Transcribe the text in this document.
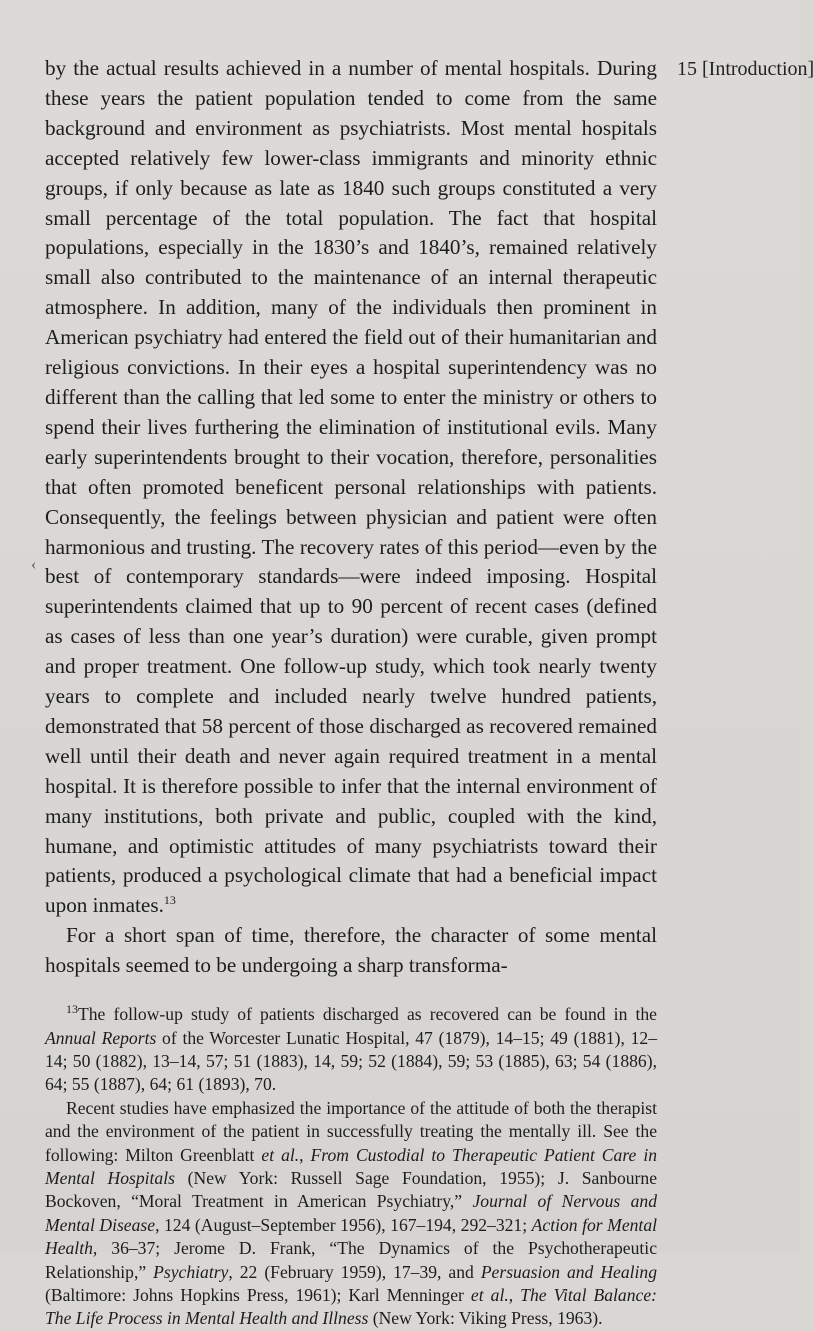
15 [Introduction]
‹

by the actual results achieved in a number of mental hospitals. During these years the patient population tended to come from the same background and environment as psychiatrists. Most mental hospitals accepted relatively few lower-class immigrants and minority ethnic groups, if only because as late as 1840 such groups constituted a very small percentage of the total population. The fact that hospital populations, especially in the 1830’s and 1840’s, remained relatively small also contributed to the maintenance of an internal therapeutic atmosphere. In addition, many of the individuals then prominent in American psychiatry had entered the field out of their humanitarian and religious convictions. In their eyes a hospital superintendency was no different than the calling that led some to enter the ministry or others to spend their lives furthering the elimination of institutional evils. Many early superintendents brought to their vocation, therefore, personalities that often promoted beneficent personal relationships with patients. Consequently, the feelings between physician and patient were often harmonious and trusting. The recovery rates of this period—even by the best of contemporary standards—were indeed imposing. Hospital superintendents claimed that up to 90 percent of recent cases (defined as cases of less than one year’s duration) were curable, given prompt and proper treatment. One follow-up study, which took nearly twenty years to complete and included nearly twelve hundred patients, demonstrated that 58 percent of those discharged as recovered remained well until their death and never again required treatment in a mental hospital. It is therefore possible to infer that the internal environment of many institutions, both private and public, coupled with the kind, humane, and optimistic attitudes of many psychiatrists toward their patients, produced a psychological climate that had a beneficial impact upon inmates.$^{13}$

For a short span of time, therefore, the character of some mental hospitals seemed to be undergoing a sharp transforma-

$^{13}$The follow-up study of patients discharged as recovered can be found in the Annual Reports of the Worcester Lunatic Hospital, 47 (1879), 14–15; 49 (1881), 12–14; 50 (1882), 13–14, 57; 51 (1883), 14, 59; 52 (1884), 59; 53 (1885), 63; 54 (1886), 64; 55 (1887), 64; 61 (1893), 70.

Recent studies have emphasized the importance of the attitude of both the therapist and the environment of the patient in successfully treating the mentally ill. See the following: Milton Greenblatt et al., From Custodial to Therapeutic Patient Care in Mental Hospitals (New York: Russell Sage Foundation, 1955); J. Sanbourne Bockoven, “Moral Treatment in American Psychiatry,” Journal of Nervous and Mental Disease, 124 (August–September 1956), 167–194, 292–321; Action for Mental Health, 36–37; Jerome D. Frank, “The Dynamics of the Psychotherapeutic Relationship,” Psychiatry, 22 (February 1959), 17–39, and Persuasion and Healing (Baltimore: Johns Hopkins Press, 1961); Karl Menninger et al., The Vital Balance: The Life Process in Mental Health and Illness (New York: Viking Press, 1963).
